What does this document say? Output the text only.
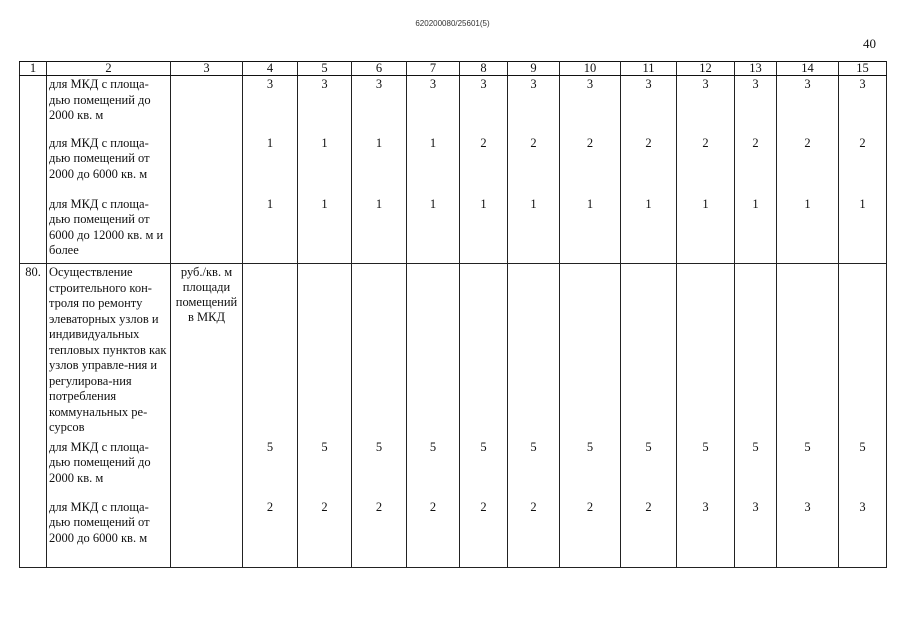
620200080/25601(5)
40
1	2	3	4	5	6	7	8	9	10	11	12	13	14	15
	для МКД с площа-дью помещений до 2000 кв. м		3	3	3	3	3	3	3	3	3	3	3	3
	для МКД с площа-дью помещений от 2000 до 6000 кв. м		1	1	1	1	2	2	2	2	2	2	2	2
	для МКД с площа-дью помещений от 6000 до 12000 кв. м и более		1	1	1	1	1	1	1	1	1	1	1	1
80.	Осуществление строительного кон-троля по ремонту элеваторных узлов и индивидуальных тепловых пунктов как узлов управле-ния и регулирова-ния потребления коммунальных ре-сурсов	руб./кв. м площади помещений в МКД												
	для МКД с площа-дью помещений до 2000 кв. м		5	5	5	5	5	5	5	5	5	5	5	5
	для МКД с площа-дью помещений от 2000 до 6000 кв. м		2	2	2	2	2	2	2	2	3	3	3	3
